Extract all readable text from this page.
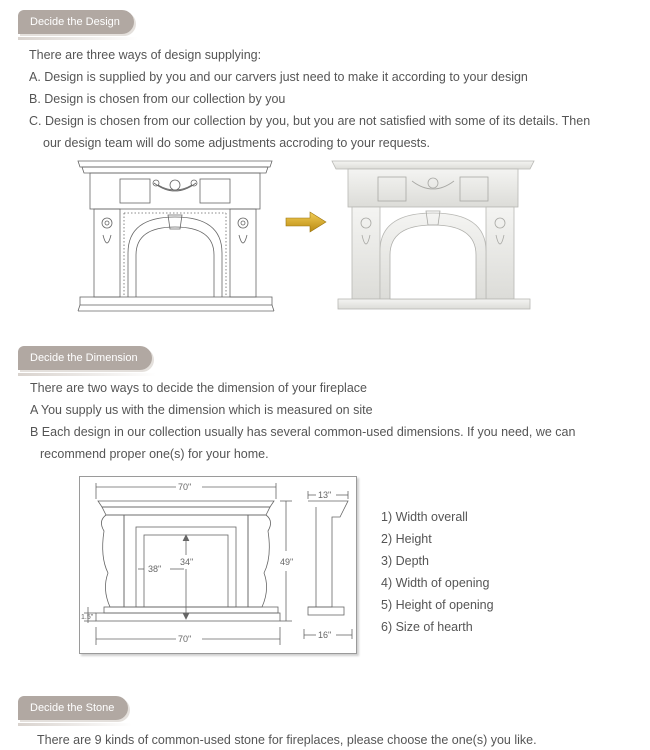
Decide the Design
There are three ways of design supplying:
A. Design is supplied by you and our carvers just need to make it according to your design
B. Design is chosen from our collection by you
C. Design is chosen from our collection by you, but you are not satisfied with some of its details. Then
our design team will do some adjustments accroding to your requests.
Decide the Dimension
There are two ways to decide the dimension of your fireplace
A You supply us with the dimension which is measured on site
B Each design in our collection usually has several common-used dimensions. If you need, we can
recommend proper one(s) for your home.
70"
13"
34"
38"
49"
1.5"
70"	16"
1) Width overall
2) Height
3) Depth
4) Width of opening
5) Height of opening
6) Size of hearth
Decide the Stone
There are 9 kinds of common-used stone for fireplaces, please choose the one(s) you like.
